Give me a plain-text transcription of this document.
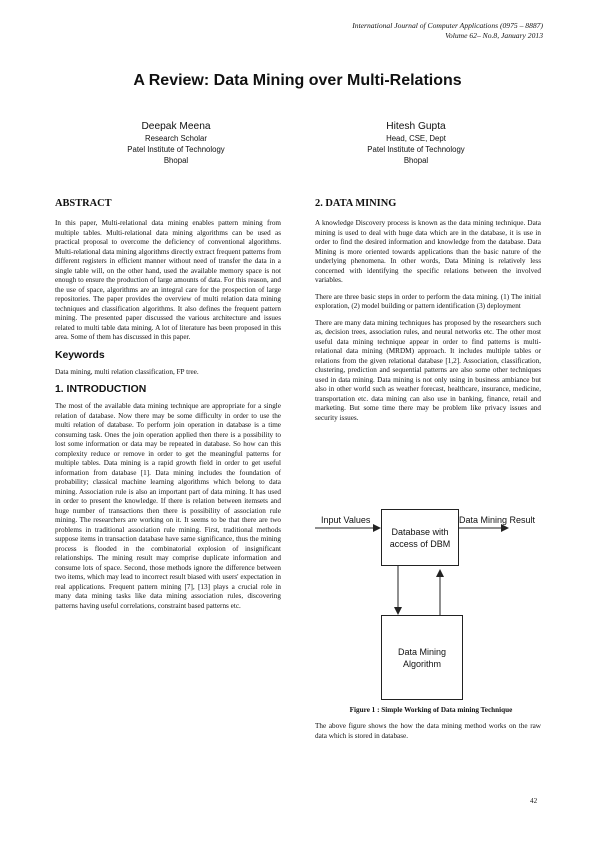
International Journal of Computer Applications (0975 – 8887)
Volume 62– No.8, January 2013
A Review: Data Mining over Multi-Relations
Deepak Meena
Research Scholar
Patel Institute of Technology
Bhopal
Hitesh Gupta
Head, CSE, Dept
Patel Institute of Technology
Bhopal
ABSTRACT

In this paper, Multi-relational data mining enables pattern mining from multiple tables. Multi-relational data mining algorithms can be used as practical proposal to overcome the deficiency of conventional algorithms. Multi-relational data mining algorithms directly extract frequent patterns from different registers in efficient manner without need of transfer the data in a single table will, on the other hand, used the available memory space is not enough to ensure the production of large amounts of data. For this reason, and the use of space, algorithms are an integral care for the prospection of large repositories. The paper provides the overview of multi relation data mining techniques and classification algorithms. It also defines the frequent pattern mining. The presented paper discussed the various architecture and issues related to multi table data mining. A lot of literature has been proposed in this area. Some of them has discussed in this paper.

Keywords

Data mining, multi relation classification, FP tree.

1. INTRODUCTION

The most of the available data mining technique are appropriate for a single relation of database. Now there may be some difficulty in order to use the multi relation of database. To perform join operation in database is a time consuming task. Ones the join operation applied then there is a possibility to lost some information or data may be repeated in database. So how can this complexity reduce or remove in order to get the meaningful patterns for multiple tables. Data mining is a rapid growth field in order to get useful information from database [1]. Data mining includes the foundation of probability; classical machine learning algorithms which belong to data mining. Association rule is also an important part of data mining. It has used in order to present the knowledge. If there is relation between itemsets and huge number of transactions then there is possibility of association rule mining. The researchers are working on it. It seems to be that there are two problems in traditional association rule mining. First, traditional methods suppose items in transaction database have same significance, thus the mining process is flooded in the combinatorial explosion of insignificant relationships. The mining result may comprise duplicate information and consume lots of space. Second, those methods ignore the difference between two items, which may lead to incorrect result biased with users' expectation in real applications. Frequent pattern mining [7], [13] plays a crucial role in many data mining tasks like data mining association rules, discovering patterns having useful correlations, constraint based patterns etc.

2. DATA MINING

A knowledge Discovery process is known as the data mining technique. Data mining is used to deal with huge data which are in the database, it is use in order to find the desired information and knowledge from the database. Data Mining is more oriented towards applications than the basic nature of the underlying phenomena. In other words, Data Mining is relatively less concerned with identifying the specific relations between the involved variables.

There are three basic steps in order to perform the data mining. (1) The initial exploration, (2) model building or pattern identification (3) deployment

There are many data mining techniques has proposed by the researchers such as, decision trees, association rules, and neural networks etc. The other most useful data mining technique appear in order to find patterns is multi-relational data mining (MRDM) approach. It includes multiple tables or relations from the given relational database [1,2]. Association, classification, clustering, prediction and sequential patterns are also some other techniques used in data mining. Data mining is not only using in business ambiance but also in other world such as weather forecast, healthcare, insurance, medicine, transportation etc. data mining can also use in banking, finance, retail and marketing. But some time there may be problem like privacy issues and security issues.

Input Values
Database with access of DBM
Data Mining Result
Data Mining Algorithm
Figure 1 : Simple Working of Data mining Technique
The above figure shows the how the data mining method works on the raw data which is stored in database.
42
